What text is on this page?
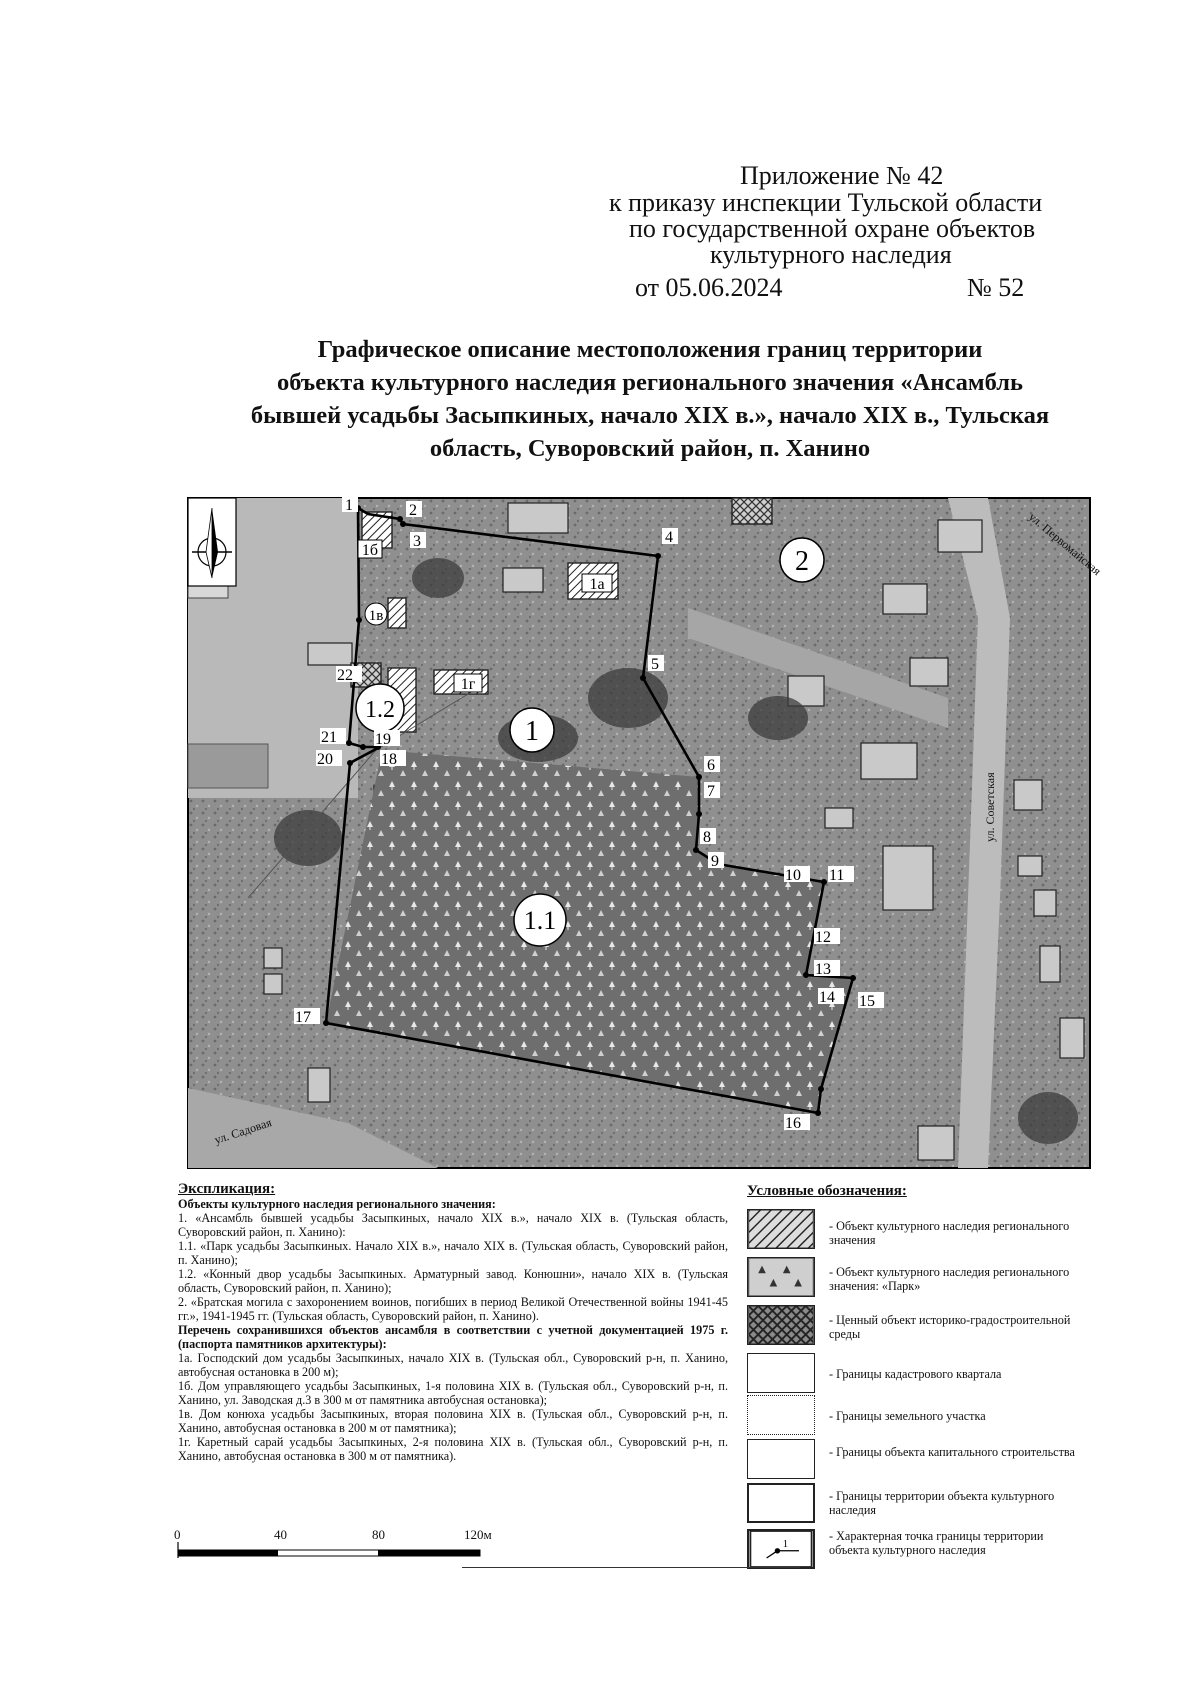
Приложение № 42
к приказу инспекции Тульской области
по государственной охране объектов
культурного наследия
от 05.06.2024	№ 52
Графическое описание местоположения границ территории
объекта культурного наследия регионального значения «Ансамбль
бывшей усадьбы Засыпкиных, начало XIX в.», начало XIX в., Тульская
область, Суворовский район, п. Ханино
1
1.1
1.2
2
1б
1а
1в
1г
1	2
3	4
5
6
7
8
9
10 11
12
13
14 15
16
17
18
19
20
21
22
ул. Первомайская
ул. Советская
ул. Садовая
Экспликация:
Объекты культурного наследия регионального значения:
1. «Ансамбль бывшей усадьбы Засыпкиных, начало XIX в.», начало XIX в. (Тульская область, Суворовский район, п. Ханино):
1.1. «Парк усадьбы Засыпкиных. Начало XIX в.», начало XIX в. (Тульская область, Суворовский район, п. Ханино);
1.2. «Конный двор усадьбы Засыпкиных. Арматурный завод. Конюшни», начало XIX в. (Тульская область, Суворовский район, п. Ханино);
2. «Братская могила с захоронением воинов, погибших в период Великой Отечественной войны 1941-45 гг.», 1941-1945 гг. (Тульская область, Суворовский район, п. Ханино).
Перечень сохранившихся объектов ансамбля в соответствии с учетной документацией 1975 г. (паспорта памятников архитектуры):
1а. Господский дом усадьбы Засыпкиных, начало XIX в. (Тульская обл., Суворовский р-н, п. Ханино, автобусная остановка в 200 м);
1б. Дом управляющего усадьбы Засыпкиных, 1-я половина XIX в. (Тульская обл., Суворовский р-н, п. Ханино, ул. Заводская д.3 в 300 м от памятника автобусная остановка);
1в. Дом конюха усадьбы Засыпкиных, вторая половина XIX в. (Тульская обл., Суворовский р-н, п. Ханино, автобусная остановка в 200 м от памятника);
1г. Каретный сарай усадьбы Засыпкиных, 2-я половина XIX в. (Тульская обл., Суворовский р-н, п. Ханино, автобусная остановка в 300 м от памятника).
0	40	80	120м
Условные обозначения:
- Объект культурного наследия регионального значения
- Объект культурного наследия регионального значения: «Парк»
- Ценный объект историко-градостроительной среды
- Границы кадастрового квартала
- Границы земельного участка
- Границы объекта капитального строительства
- Границы территории объекта культурного наследия
1
- Характерная точка границы территории объекта культурного наследия
